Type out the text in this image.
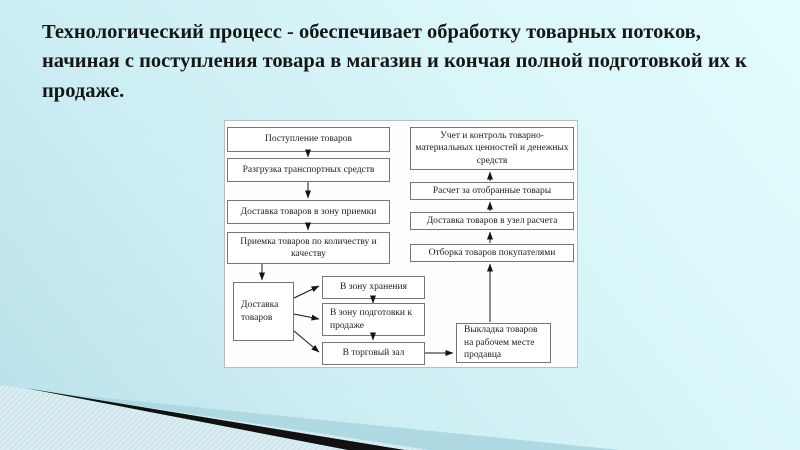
Технологический процесс - обеспечивает обработку товарных потоков, начиная с поступления товара в магазин и кончая полной подготовкой их к продаже.
Поступление товаров
Разгрузка транспортных средств
Доставка товаров в зону приемки
Приемка товаров по количеству и качеству
Доставка товаров
В зону хранения
В зону подготовки к продаже
В торговый зал
Выкладка товаров на рабочем месте продавца
Учет и контроль товарно-материальных ценностей и денежных средств
Расчет за отобранные товары
Доставка товаров в узел расчета
Отборка товаров покупателями
